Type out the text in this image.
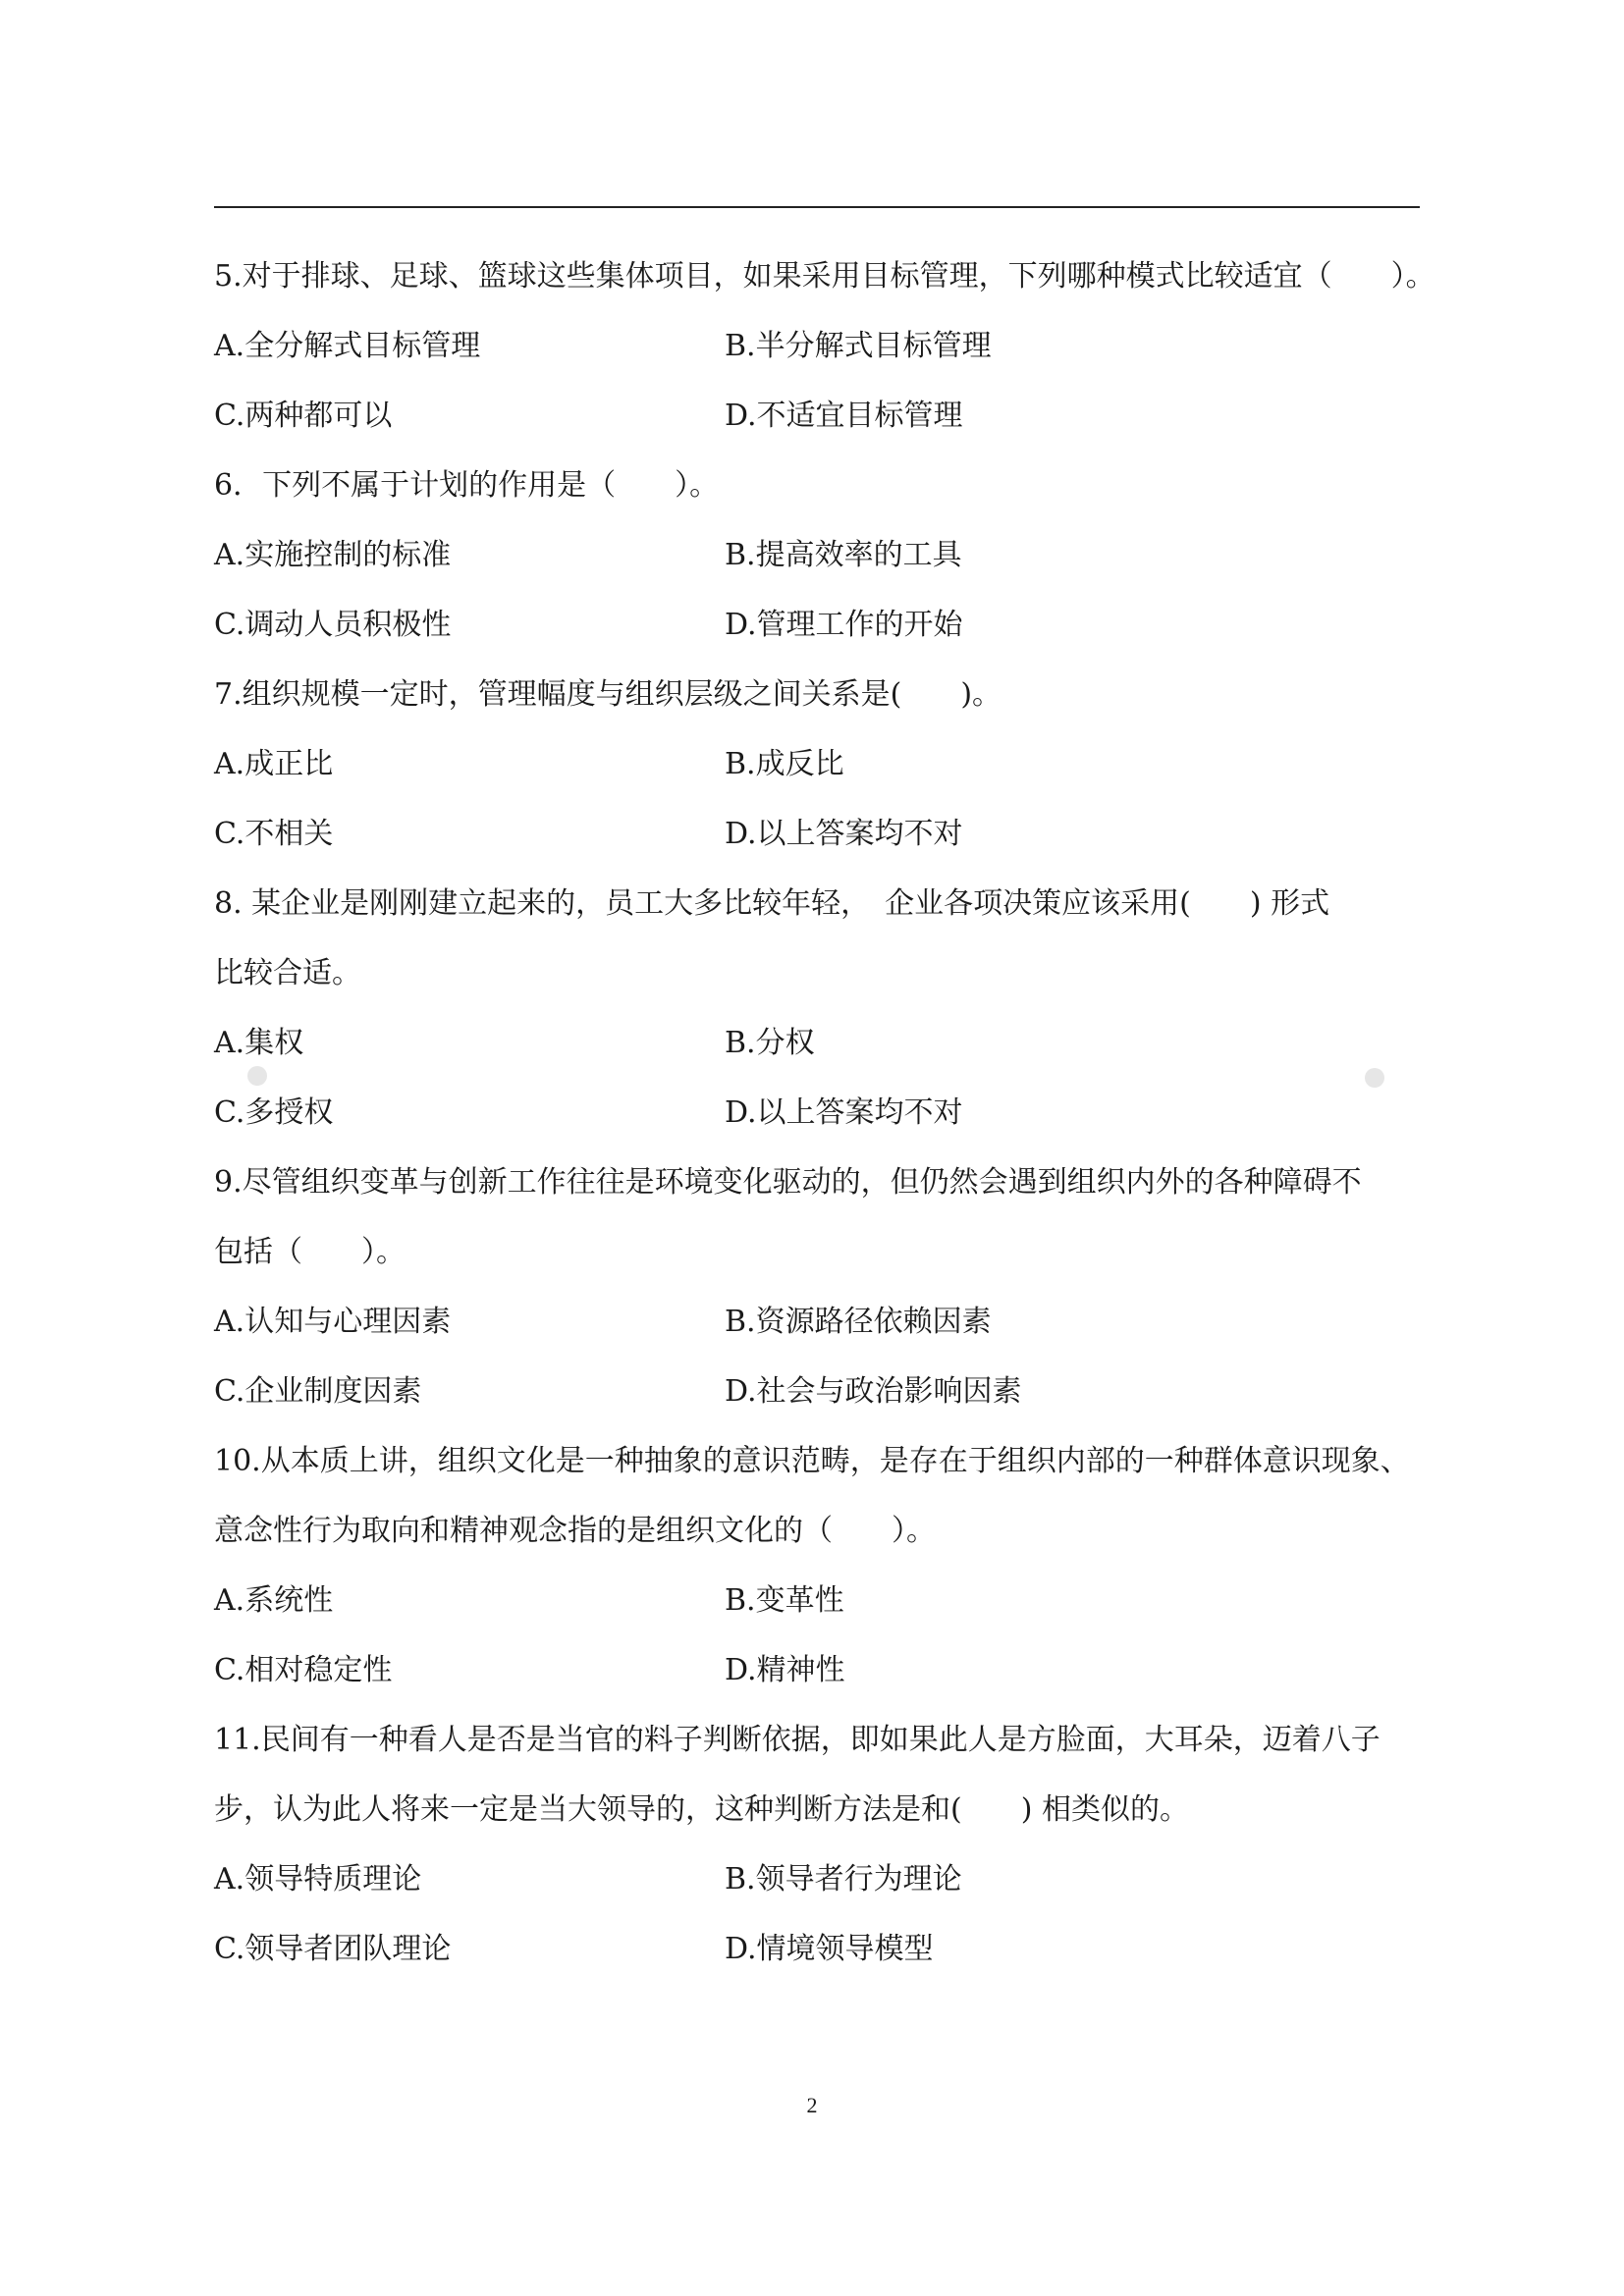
5.对于排球、足球、篮球这些集体项目，如果采用目标管理，下列哪种模式比较适宜（　　）。
A.全分解式目标管理	B.半分解式目标管理
C.两种都可以	D.不适宜目标管理
6．下列不属于计划的作用是（　　）。
A.实施控制的标准	B.提高效率的工具
C.调动人员积极性	D.管理工作的开始
7.组织规模一定时，管理幅度与组织层级之间关系是(　　)。
A.成正比	B.成反比
C.不相关	D.以上答案均不对
8. 某企业是刚刚建立起来的，员工大多比较年轻，　企业各项决策应该采用(　　) 形式
比较合适。
A.集权	B.分权
C.多授权	D.以上答案均不对
9.尽管组织变革与创新工作往往是环境变化驱动的，但仍然会遇到组织内外的各种障碍不
包括（　　）。
A.认知与心理因素	B.资源路径依赖因素
C.企业制度因素	D.社会与政治影响因素
10.从本质上讲，组织文化是一种抽象的意识范畴，是存在于组织内部的一种群体意识现象、
意念性行为取向和精神观念指的是组织文化的（　　）。
A.系统性	B.变革性
C.相对稳定性	D.精神性
11.民间有一种看人是否是当官的料子判断依据，即如果此人是方脸面，大耳朵，迈着八子
步，认为此人将来一定是当大领导的，这种判断方法是和(　　) 相类似的。
A.领导特质理论	B.领导者行为理论
C.领导者团队理论	D.情境领导模型
2
